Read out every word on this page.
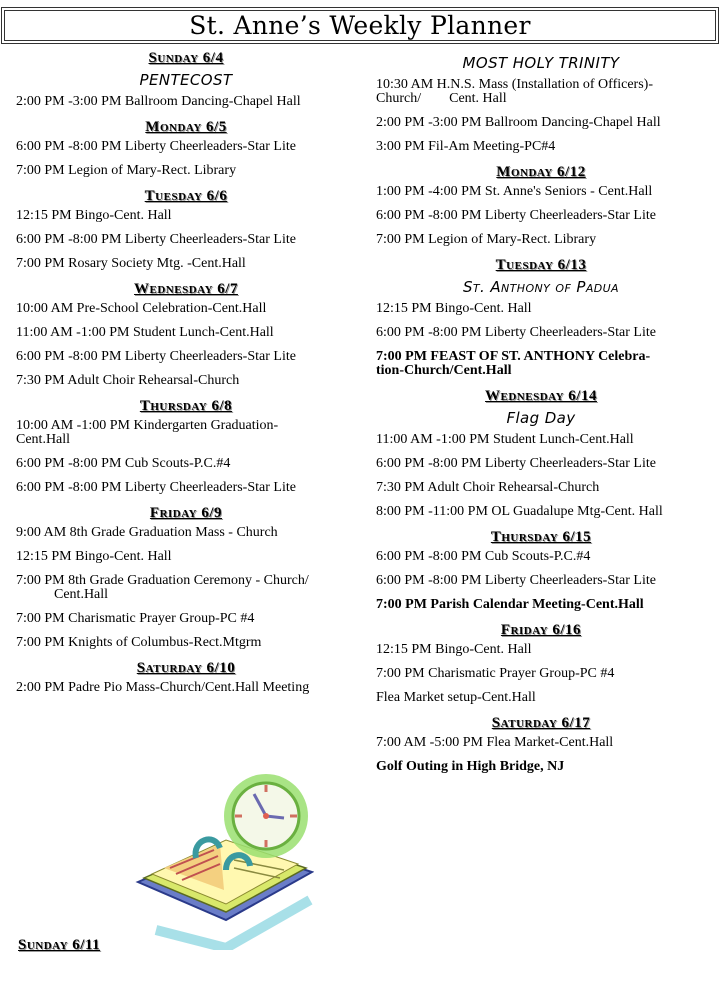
St. Anne’s Weekly Planner
Sunday 6/4
PENTECOST
2:00 PM -3:00 PM Ballroom Dancing-Chapel Hall
Monday 6/5
6:00 PM -8:00 PM Liberty Cheerleaders-Star Lite
7:00 PM Legion of Mary-Rect. Library
Tuesday 6/6
12:15 PM Bingo-Cent. Hall
6:00 PM -8:00 PM Liberty Cheerleaders-Star Lite
7:00 PM Rosary Society Mtg. -Cent.Hall
Wednesday 6/7
10:00 AM Pre-School Celebration-Cent.Hall
11:00 AM -1:00 PM Student Lunch-Cent.Hall
6:00 PM -8:00 PM Liberty Cheerleaders-Star Lite
7:30 PM Adult Choir Rehearsal-Church
Thursday 6/8
10:00 AM -1:00 PM Kindergarten Graduation-
Cent.Hall
6:00 PM -8:00 PM Cub Scouts-P.C.#4
6:00 PM -8:00 PM Liberty Cheerleaders-Star Lite
Friday 6/9
9:00 AM 8th Grade Graduation Mass - Church
12:15 PM Bingo-Cent. Hall
7:00 PM 8th Grade Graduation Ceremony - Church/
Cent.Hall
7:00 PM Charismatic Prayer Group-PC #4
7:00 PM Knights of Columbus-Rect.Mtgrm
Saturday 6/10
2:00 PM Padre Pio Mass-Church/Cent.Hall Meeting
MOST HOLY TRINITY
10:30 AM H.N.S. Mass (Installation of Officers)-
Church/        Cent. Hall
2:00 PM -3:00 PM Ballroom Dancing-Chapel Hall
3:00 PM Fil-Am Meeting-PC#4
Monday 6/12
1:00 PM -4:00 PM St. Anne's Seniors - Cent.Hall
6:00 PM -8:00 PM Liberty Cheerleaders-Star Lite
7:00 PM Legion of Mary-Rect. Library
Tuesday 6/13
St. Anthony of Padua
12:15 PM Bingo-Cent. Hall
6:00 PM -8:00 PM Liberty Cheerleaders-Star Lite
7:00 PM FEAST OF ST. ANTHONY Celebra-
tion-Church/Cent.Hall
Wednesday 6/14
Flag Day
11:00 AM -1:00 PM Student Lunch-Cent.Hall
6:00 PM -8:00 PM Liberty Cheerleaders-Star Lite
7:30 PM Adult Choir Rehearsal-Church
8:00 PM -11:00 PM OL Guadalupe Mtg-Cent. Hall
Thursday 6/15
6:00 PM -8:00 PM Cub Scouts-P.C.#4
6:00 PM -8:00 PM Liberty Cheerleaders-Star Lite
7:00 PM Parish Calendar Meeting-Cent.Hall
Friday 6/16
12:15 PM Bingo-Cent. Hall
7:00 PM Charismatic Prayer Group-PC #4
Flea Market setup-Cent.Hall
Saturday 6/17
7:00 AM -5:00 PM Flea Market-Cent.Hall
Golf Outing in High Bridge, NJ
Sunday 6/11
